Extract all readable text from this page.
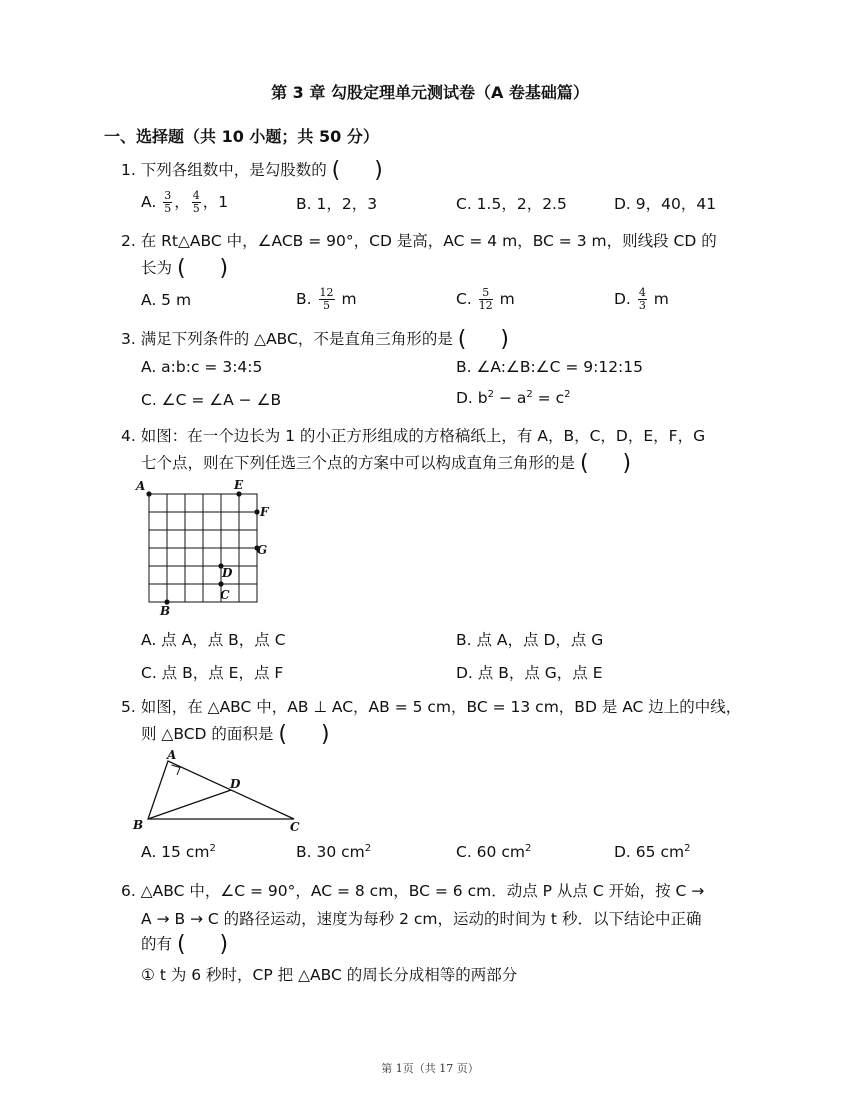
第 3 章 勾股定理单元测试卷（A 卷基础篇）
一、选择题（共 10 小题；共 50 分）
1. 下列各组数中，是勾股数的 ( )
A. $\frac{3}{5}$ ， $\frac{4}{5}$ ，1	B. 1，2，3	C. 1.5，2，2.5	D. 9，40，41
2. 在 Rt△ABC 中，∠ACB = 90°，CD 是高，AC = 4 m，BC = 3 m，则线段 CD 的
长为 ( )
A. 5 m	B. $\frac{12}{5}$ m	C. $\frac{5}{12}$ m	D. $\frac{4}{3}$ m
3. 满足下列条件的 △ABC，不是直角三角形的是 ( )
A. a:b:c = 3:4:5	B. ∠A:∠B:∠C = 9:12:15
C. ∠C = ∠A − ∠B	D. $b^2 - a^2 = c^2$
4. 如图：在一个边长为 1 的小正方形组成的方格稿纸上，有 A，B，C，D，E，F，G
七个点，则在下列任选三个点的方案中可以构成直角三角形的是 ( )
A	E
F
G
D
C
B
A. 点 A，点 B，点 C	B. 点 A，点 D，点 G
C. 点 B，点 E，点 F	D. 点 B，点 G，点 E
5. 如图，在 △ABC 中，AB ⊥ AC，AB = 5 cm，BC = 13 cm，BD 是 AC 边上的中线，
则 △BCD 的面积是 ( )
A
B	C
D
A. 15 $cm^2$	B. 30 $cm^2$	C. 60 $cm^2$	D. 65 $cm^2$
6. △ABC 中，∠C = 90°，AC = 8 cm，BC = 6 cm．动点 P 从点 C 开始，按 C →
A → B → C 的路径运动，速度为每秒 2 cm，运动的时间为 t 秒．以下结论中正确
的有 ( )
① t 为 6 秒时，CP 把 △ABC 的周长分成相等的两部分
第 1页（共 17 页）
